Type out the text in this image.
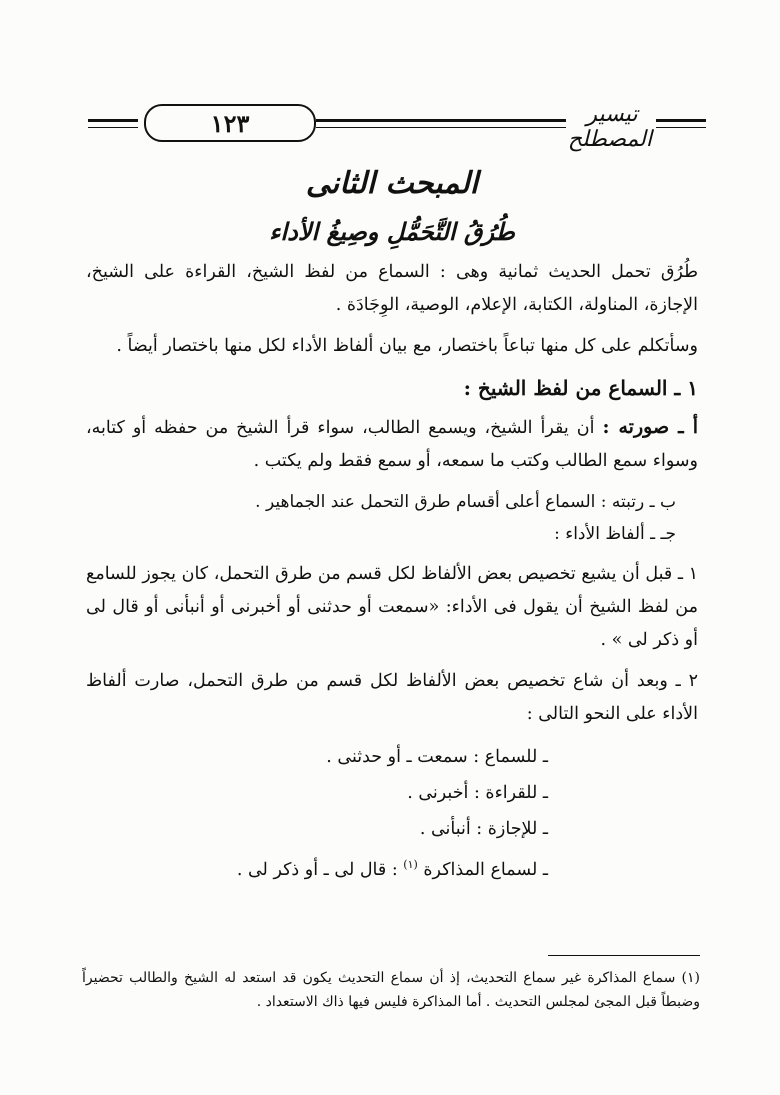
١٢٣	تيسير المصطلح
المبحث الثانى
طُرُقُ التَّحَمُّلِ وصِيغُ الأداء

طُرُق تحمل الحديث ثمانية وهى : السماع من لفظ الشيخ، القراءة على الشيخ، الإجازة، المناولة، الكتابة، الإعلام، الوصية، الوِجَادَة .

وسأتكلم على كل منها تباعاً باختصار، مع بيان ألفاظ الأداء لكل منها باختصار أيضاً .

١ ـ السماع من لفظ الشيخ :

أ ـ صورته : أن يقرأ الشيخ، ويسمع الطالب، سواء قرأ الشيخ من حفظه أو كتابه، وسواء سمع الطالب وكتب ما سمعه، أو سمع فقط ولم يكتب .

ب ـ رتبته : السماع أعلى أقسام طرق التحمل عند الجماهير .
جـ ـ ألفاظ الأداء :

١ ـ قبل أن يشيع تخصيص بعض الألفاظ لكل قسم من طرق التحمل، كان يجوز للسامع من لفظ الشيخ أن يقول فى الأداء: «سمعت أو حدثنى أو أخبرنى أو أنبأنى أو قال لى أو ذكر لى » .

٢ ـ وبعد أن شاع تخصيص بعض الألفاظ لكل قسم من طرق التحمل، صارت ألفاظ الأداء على النحو التالى :

ـ للسماع : سمعت ـ أو حدثنى .
ـ للقراءة : أخبرنى .
ـ للإجازة : أنبأنى .
ـ لسماع المذاكرة $^{(١)}$ : قال لى ـ أو ذكر لى .
(١) سماع المذاكرة غير سماع التحديث، إذ أن سماع التحديث يكون قد استعد له الشيخ والطالب تحضيراً وضبطاً قبل المجئ لمجلس التحديث . أما المذاكرة فليس فيها ذاك الاستعداد .
